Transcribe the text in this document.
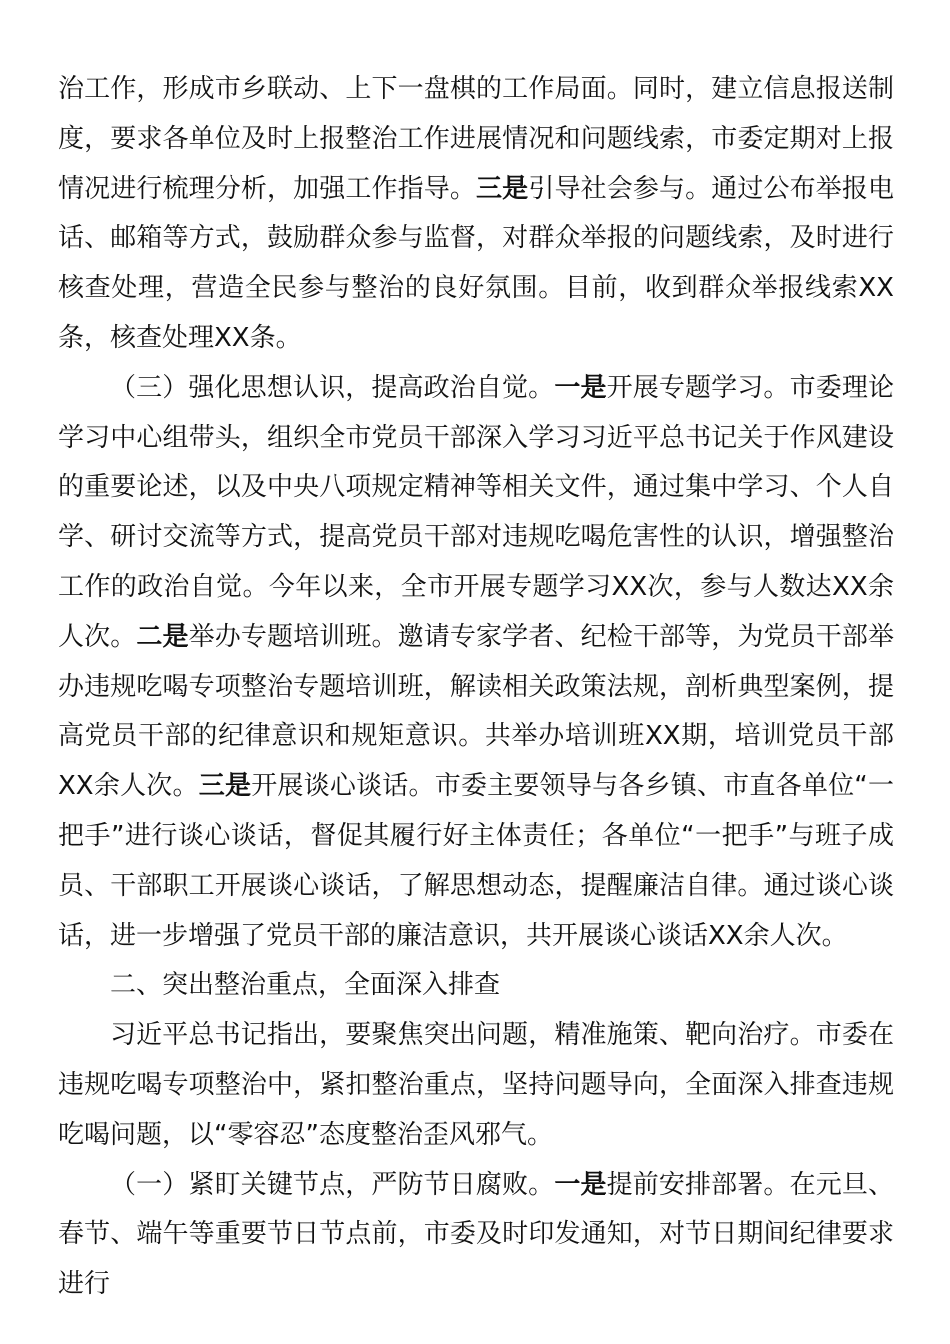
治工作，形成市乡联动、上下一盘棋的工作局面。同时，建立信息报送制度，要求各单位及时上报整治工作进展情况和问题线索，市委定期对上报情况进行梳理分析，加强工作指导。三是引导社会参与。通过公布举报电话、邮箱等方式，鼓励群众参与监督，对群众举报的问题线索，及时进行核查处理，营造全民参与整治的良好氛围。目前，收到群众举报线索XX条，核查处理XX条。

（三）强化思想认识，提高政治自觉。一是开展专题学习。市委理论学习中心组带头，组织全市党员干部深入学习习近平总书记关于作风建设的重要论述，以及中央八项规定精神等相关文件，通过集中学习、个人自学、研讨交流等方式，提高党员干部对违规吃喝危害性的认识，增强整治工作的政治自觉。今年以来，全市开展专题学习XX次，参与人数达XX余人次。二是举办专题培训班。邀请专家学者、纪检干部等，为党员干部举办违规吃喝专项整治专题培训班，解读相关政策法规，剖析典型案例，提高党员干部的纪律意识和规矩意识。共举办培训班XX期，培训党员干部XX余人次。三是开展谈心谈话。市委主要领导与各乡镇、市直各单位“一把手”进行谈心谈话，督促其履行好主体责任；各单位“一把手”与班子成员、干部职工开展谈心谈话，了解思想动态，提醒廉洁自律。通过谈心谈话，进一步增强了党员干部的廉洁意识，共开展谈心谈话XX余人次。

二、突出整治重点，全面深入排查

习近平总书记指出，要聚焦突出问题，精准施策、靶向治疗。市委在违规吃喝专项整治中，紧扣整治重点，坚持问题导向，全面深入排查违规吃喝问题，以“零容忍”态度整治歪风邪气。

（一）紧盯关键节点，严防节日腐败。一是提前安排部署。在元旦、春节、端午等重要节日节点前，市委及时印发通知，对节日期间纪律要求进行
